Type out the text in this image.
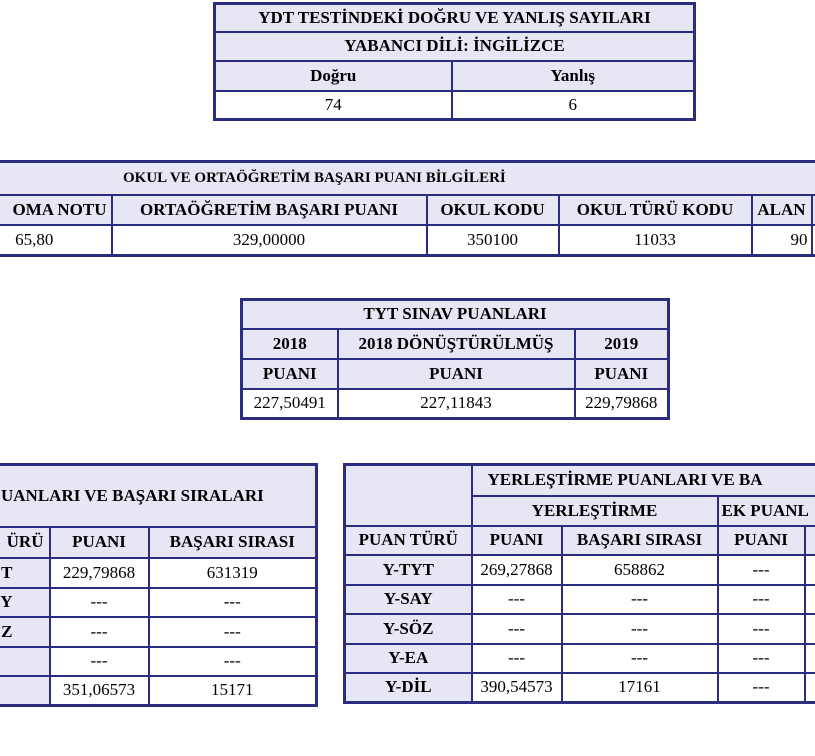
YDT TESTİNDEKİ DOĞRU VE YANLIŞ SAYILARI	
YABANCI DİLİ: İNGİLİZCE	
Doğru	Yanlış
74	6
OKUL VE ORTAÖĞRETİM BAŞARI PUANI BİLGİLERİ					
OMA NOTU	ORTAÖĞRETİM BAŞARI PUANI	OKUL KODU	OKUL TÜRÜ KODU	ALAN	
65,80	329,00000	350100	11033	90	
TYT SINAV PUANLARI		
2018	2018 DÖNÜŞTÜRÜLMÜŞ	2019
PUANI	PUANI	PUANI
227,50491	227,11843	229,79868
UANLARI VE BAŞARI SIRALARI		
ÜRÜ	PUANI	BAŞARI SIRASI
T	229,79868	631319
Y	---	---
Z	---	---
	---	---
	351,06573	15171
	YERLEŞTİRME PUANLARI VE BA			
	YERLEŞTİRME		EK PUANL	
PUAN TÜRÜ	PUANI	BAŞARI SIRASI	PUANI	
Y-TYT	269,27868	658862	---	
Y-SAY	---	---	---	
Y-SÖZ	---	---	---	
Y-EA	---	---	---	
Y-DİL	390,54573	17161	---	
